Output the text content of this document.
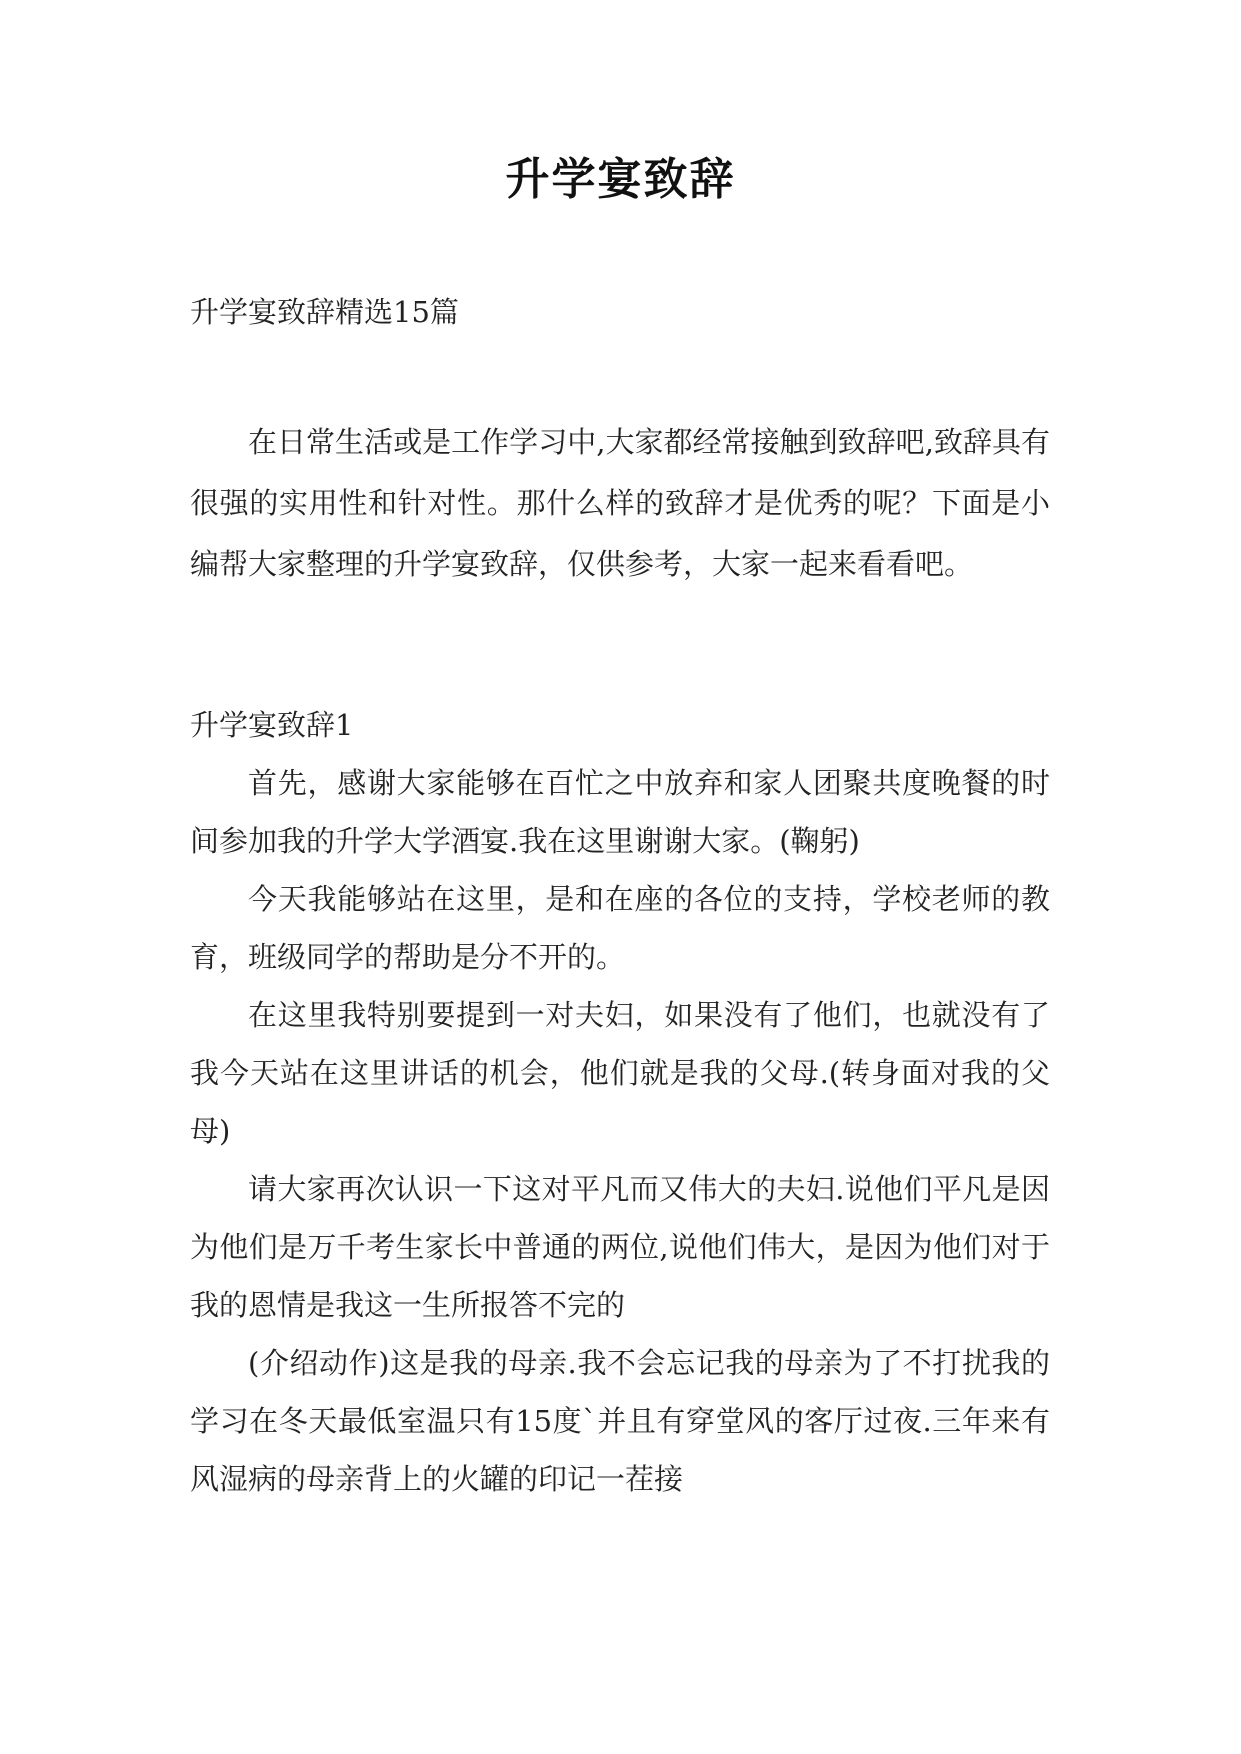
升学宴致辞
升学宴致辞精选15篇
在日常生活或是工作学习中,大家都经常接触到致辞吧,致辞具有很强的实用性和针对性。那什么样的致辞才是优秀的呢？下面是小编帮大家整理的升学宴致辞，仅供参考，大家一起来看看吧。
升学宴致辞1

首先，感谢大家能够在百忙之中放弃和家人团聚共度晚餐的时间参加我的升学大学酒宴.我在这里谢谢大家。(鞠躬)

今天我能够站在这里，是和在座的各位的支持，学校老师的教育，班级同学的帮助是分不开的。

在这里我特别要提到一对夫妇，如果没有了他们，也就没有了我今天站在这里讲话的机会，他们就是我的父母.(转身面对我的父母)

请大家再次认识一下这对平凡而又伟大的夫妇.说他们平凡是因为他们是万千考生家长中普通的两位,说他们伟大，是因为他们对于我的恩情是我这一生所报答不完的

(介绍动作)这是我的母亲.我不会忘记我的母亲为了不打扰我的学习在冬天最低室温只有15度`并且有穿堂风的客厅过夜.三年来有风湿病的母亲背上的火罐的印记一茬接
